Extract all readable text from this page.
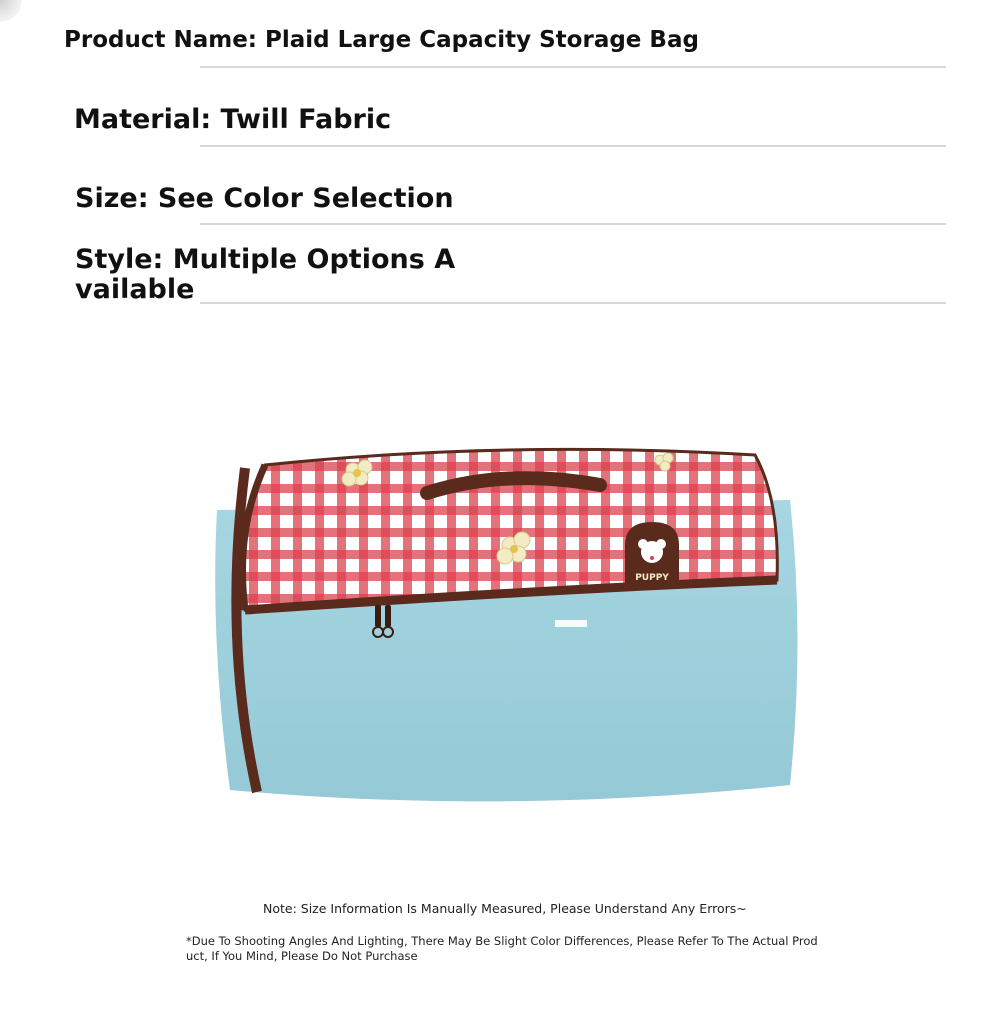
Product Name: Plaid Large Capacity Storage Bag
Material: Twill Fabric
Size: See Color Selection
Style: Multiple Options A
vailable
PUPPY
Note: Size Information Is Manually Measured, Please Understand Any Errors~
*Due To Shooting Angles And Lighting, There May Be Slight Color Differences, Please Refer To The Actual Prod
uct, If You Mind, Please Do Not Purchase
